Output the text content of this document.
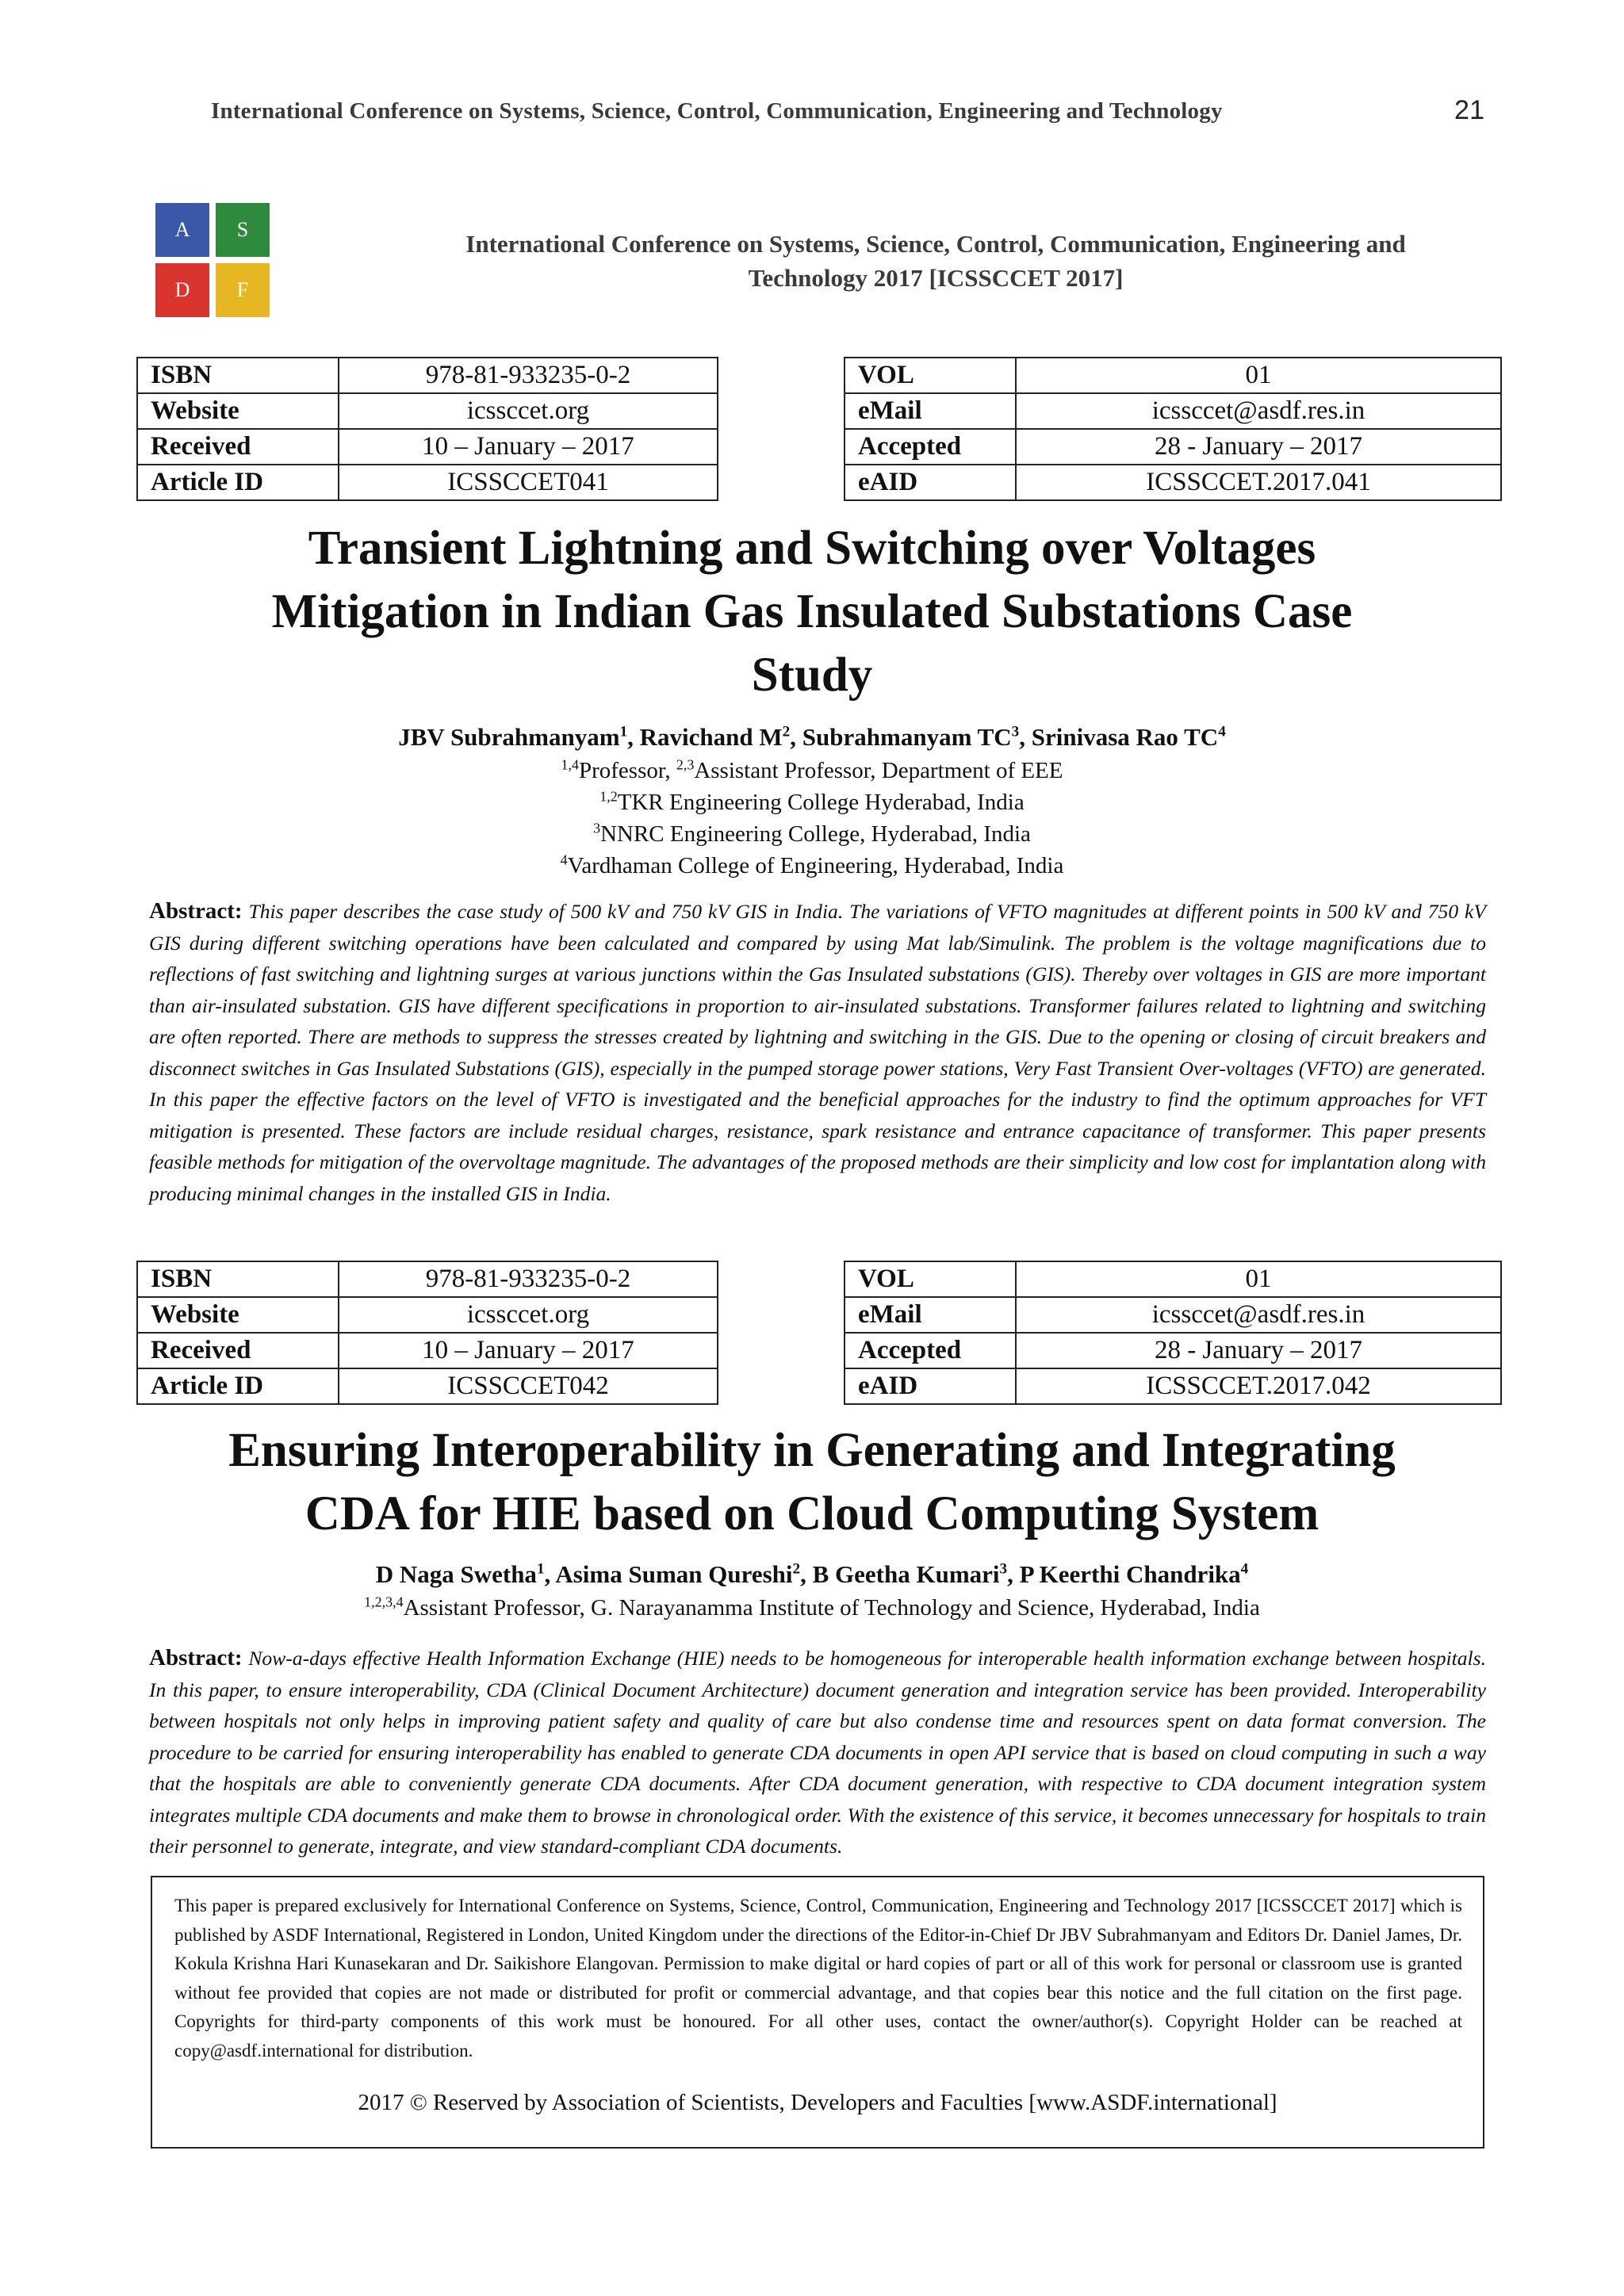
International Conference on Systems, Science, Control, Communication, Engineering and Technology	21
A	S
D	F
International Conference on Systems, Science, Control, Communication, Engineering and
Technology 2017 [ICSSCCET 2017]
ISBN	978-81-933235-0-2
Website	icssccet.org
Received	10 – January – 2017
Article ID	ICSSCCET041
VOL	01
eMail	icssccet@asdf.res.in
Accepted	28 - January – 2017
eAID	ICSSCCET.2017.041
Transient Lightning and Switching over Voltages
Mitigation in Indian Gas Insulated Substations Case
Study
JBV Subrahmanyam$^1$, Ravichand $M^2$, Subrahmanyam $TC^3$, Srinivasa Rao $TC^4$
$^{1,4}$Professor, $^{2,3}$Assistant Professor, Department of EEE
$^{1,2}$TKR Engineering College Hyderabad, India
$^3$NNRC Engineering College, Hyderabad, India
$^4$Vardhaman College of Engineering, Hyderabad, India
Abstract: This paper describes the case study of 500 kV and 750 kV GIS in India. The variations of VFTO magnitudes at different points in 500 kV and 750 kV GIS during different switching operations have been calculated and compared by using Mat lab/Simulink. The problem is the voltage magnifications due to reflections of fast switching and lightning surges at various junctions within the Gas Insulated substations (GIS). Thereby over voltages in GIS are more important than air-insulated substation. GIS have different specifications in proportion to air-insulated substations. Transformer failures related to lightning and switching are often reported. There are methods to suppress the stresses created by lightning and switching in the GIS. Due to the opening or closing of circuit breakers and disconnect switches in Gas Insulated Substations (GIS), especially in the pumped storage power stations, Very Fast Transient Over-voltages (VFTO) are generated. In this paper the effective factors on the level of VFTO is investigated and the beneficial approaches for the industry to find the optimum approaches for VFT mitigation is presented. These factors are include residual charges, resistance, spark resistance and entrance capacitance of transformer. This paper presents feasible methods for mitigation of the overvoltage magnitude. The advantages of the proposed methods are their simplicity and low cost for implantation along with producing minimal changes in the installed GIS in India.
ISBN	978-81-933235-0-2
Website	icssccet.org
Received	10 – January – 2017
Article ID	ICSSCCET042
VOL	01
eMail	icssccet@asdf.res.in
Accepted	28 - January – 2017
eAID	ICSSCCET.2017.042
Ensuring Interoperability in Generating and Integrating
CDA for HIE based on Cloud Computing System
D Naga Swetha$^1$, Asima Suman Qureshi$^2$, B Geetha Kumari$^3$, P Keerthi Chandrika$^4$
$^{1,2,3,4}$Assistant Professor, G. Narayanamma Institute of Technology and Science, Hyderabad, India
Abstract: Now-a-days effective Health Information Exchange (HIE) needs to be homogeneous for interoperable health information exchange between hospitals. In this paper, to ensure interoperability, CDA (Clinical Document Architecture) document generation and integration service has been provided. Interoperability between hospitals not only helps in improving patient safety and quality of care but also condense time and resources spent on data format conversion. The procedure to be carried for ensuring interoperability has enabled to generate CDA documents in open API service that is based on cloud computing in such a way that the hospitals are able to conveniently generate CDA documents. After CDA document generation, with respective to CDA document integration system integrates multiple CDA documents and make them to browse in chronological order. With the existence of this service, it becomes unnecessary for hospitals to train their personnel to generate, integrate, and view standard-compliant CDA documents.
This paper is prepared exclusively for International Conference on Systems, Science, Control, Communication, Engineering and Technology 2017 [ICSSCCET 2017] which is published by ASDF International, Registered in London, United Kingdom under the directions of the Editor-in-Chief Dr JBV Subrahmanyam and Editors Dr. Daniel James, Dr. Kokula Krishna Hari Kunasekaran and Dr. Saikishore Elangovan. Permission to make digital or hard copies of part or all of this work for personal or classroom use is granted without fee provided that copies are not made or distributed for profit or commercial advantage, and that copies bear this notice and the full citation on the first page. Copyrights for third-party components of this work must be honoured. For all other uses, contact the owner/author(s). Copyright Holder can be reached at copy@asdf.international for distribution.
2017 © Reserved by Association of Scientists, Developers and Faculties [www.ASDF.international]
